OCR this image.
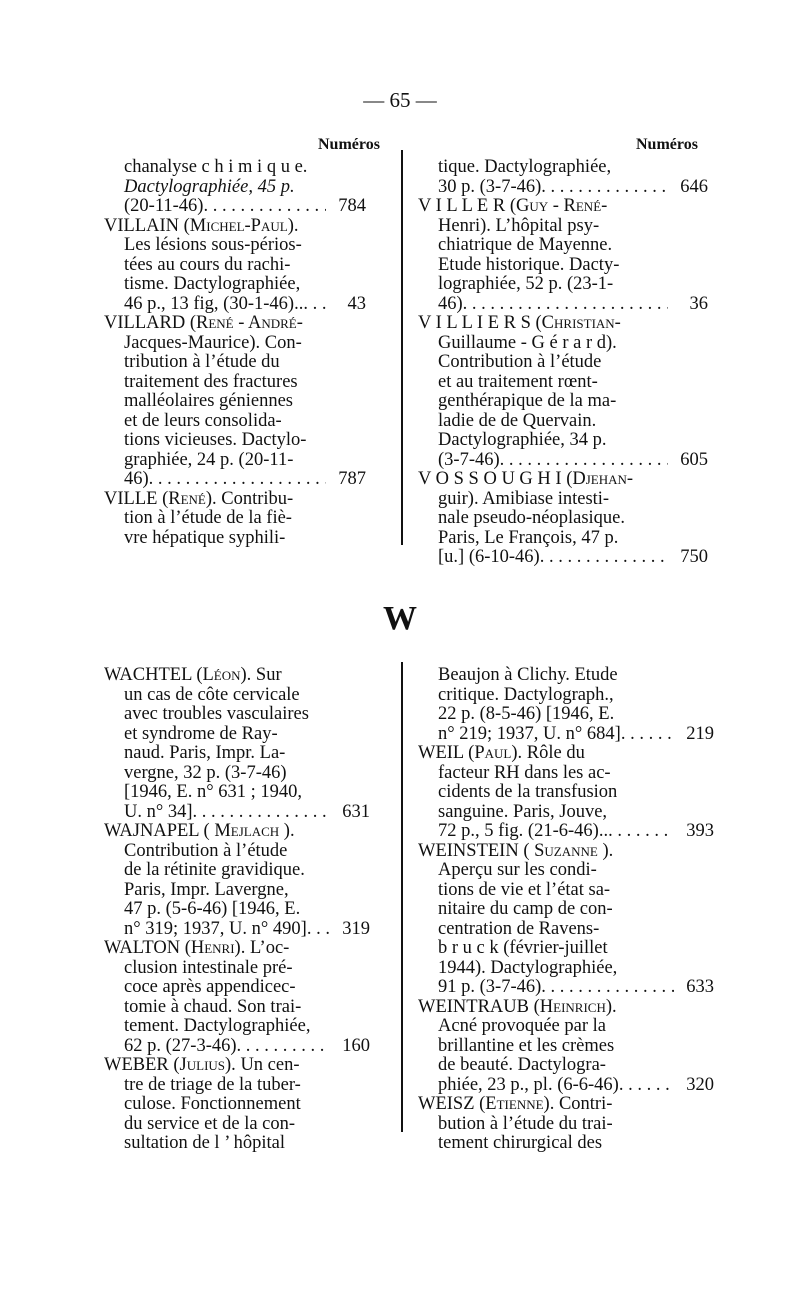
— 65 —
Numéros	Numéros
chanalyse c h i m i q u e.
Dactylographiée, 45 p.
(20-11-46) . . .	784
VILLAIN (Michel-Paul).
Les lésions sous-périos-
tées au cours du rachi-
tisme. Dactylographiée,
46 p., 13 fig, (30-1-46).. . . .	43
VILLARD (René - André-
Jacques-Maurice). Con-
tribution à l’étude du
traitement des fractures
malléolaires géniennes
et de leurs consolida-
tions vicieuses. Dactylo-
graphiée, 24 p. (20-11-
46) . . .	787
VILLE (René). Contribu-
tion à l’étude de la fiè-
vre hépatique syphili-
tique. Dactylographiée,
30 p. (3-7-46) . . .	646
V I L L E R (Guy - René-
Henri). L’hôpital psy-
chiatrique de Mayenne.
Etude historique. Dacty-
lographiée, 52 p. (23-1-
46) . . .	36
V I L L I E R S (Christian-
Guillaume - G é r a r d).
Contribution à l’étude
et au traitement rœnt-
genthérapique de la ma-
ladie de de Quervain.
Dactylographiée, 34 p.
(3-7-46) . . .	605
V O S S O U G H I (Djehan-
guir). Amibiase intesti-
nale pseudo-néoplasique.
Paris, Le François, 47 p.
[u.] (6-10-46) . . .	750
W
WACHTEL (Léon). Sur
un cas de côte cervicale
avec troubles vasculaires
et syndrome de Ray-
naud. Paris, Impr. La-
vergne, 32 p. (3-7-46)
[1946, E. n° 631 ; 1940,
U. n° 34] . . .	631
WAJNAPEL ( Mejlach ).
Contribution à l’étude
de la rétinite gravidique.
Paris, Impr. Lavergne,
47 p. (5-6-46) [1946, E.
n° 319; 1937, U. n° 490] . . .	319
WALTON (Henri). L’oc-
clusion intestinale pré-
coce après appendicec-
tomie à chaud. Son trai-
tement. Dactylographiée,
62 p. (27-3-46) . . .	160
WEBER (Julius). Un cen-
tre de triage de la tuber-
culose. Fonctionnement
du service et de la con-
sultation de l ’ hôpital
Beaujon à Clichy. Etude
critique. Dactylograph.,
22 p. (8-5-46) [1946, E.
n° 219; 1937, U. n° 684] . . .	219
WEIL (Paul). Rôle du
facteur RH dans les ac-
cidents de la transfusion
sanguine. Paris, Jouve,
72 p., 5 fig. (21-6-46).. . . .	393
WEINSTEIN ( Suzanne ).
Aperçu sur les condi-
tions de vie et l’état sa-
nitaire du camp de con-
centration de Ravens-
b r u c k (février-juillet
1944). Dactylographiée,
91 p. (3-7-46) . . .	633
WEINTRAUB (Heinrich).
Acné provoquée par la
brillantine et les crèmes
de beauté. Dactylogra-
phiée, 23 p., pl. (6-6-46) . . .	320
WEISZ (Etienne). Contri-
bution à l’étude du trai-
tement chirurgical des
